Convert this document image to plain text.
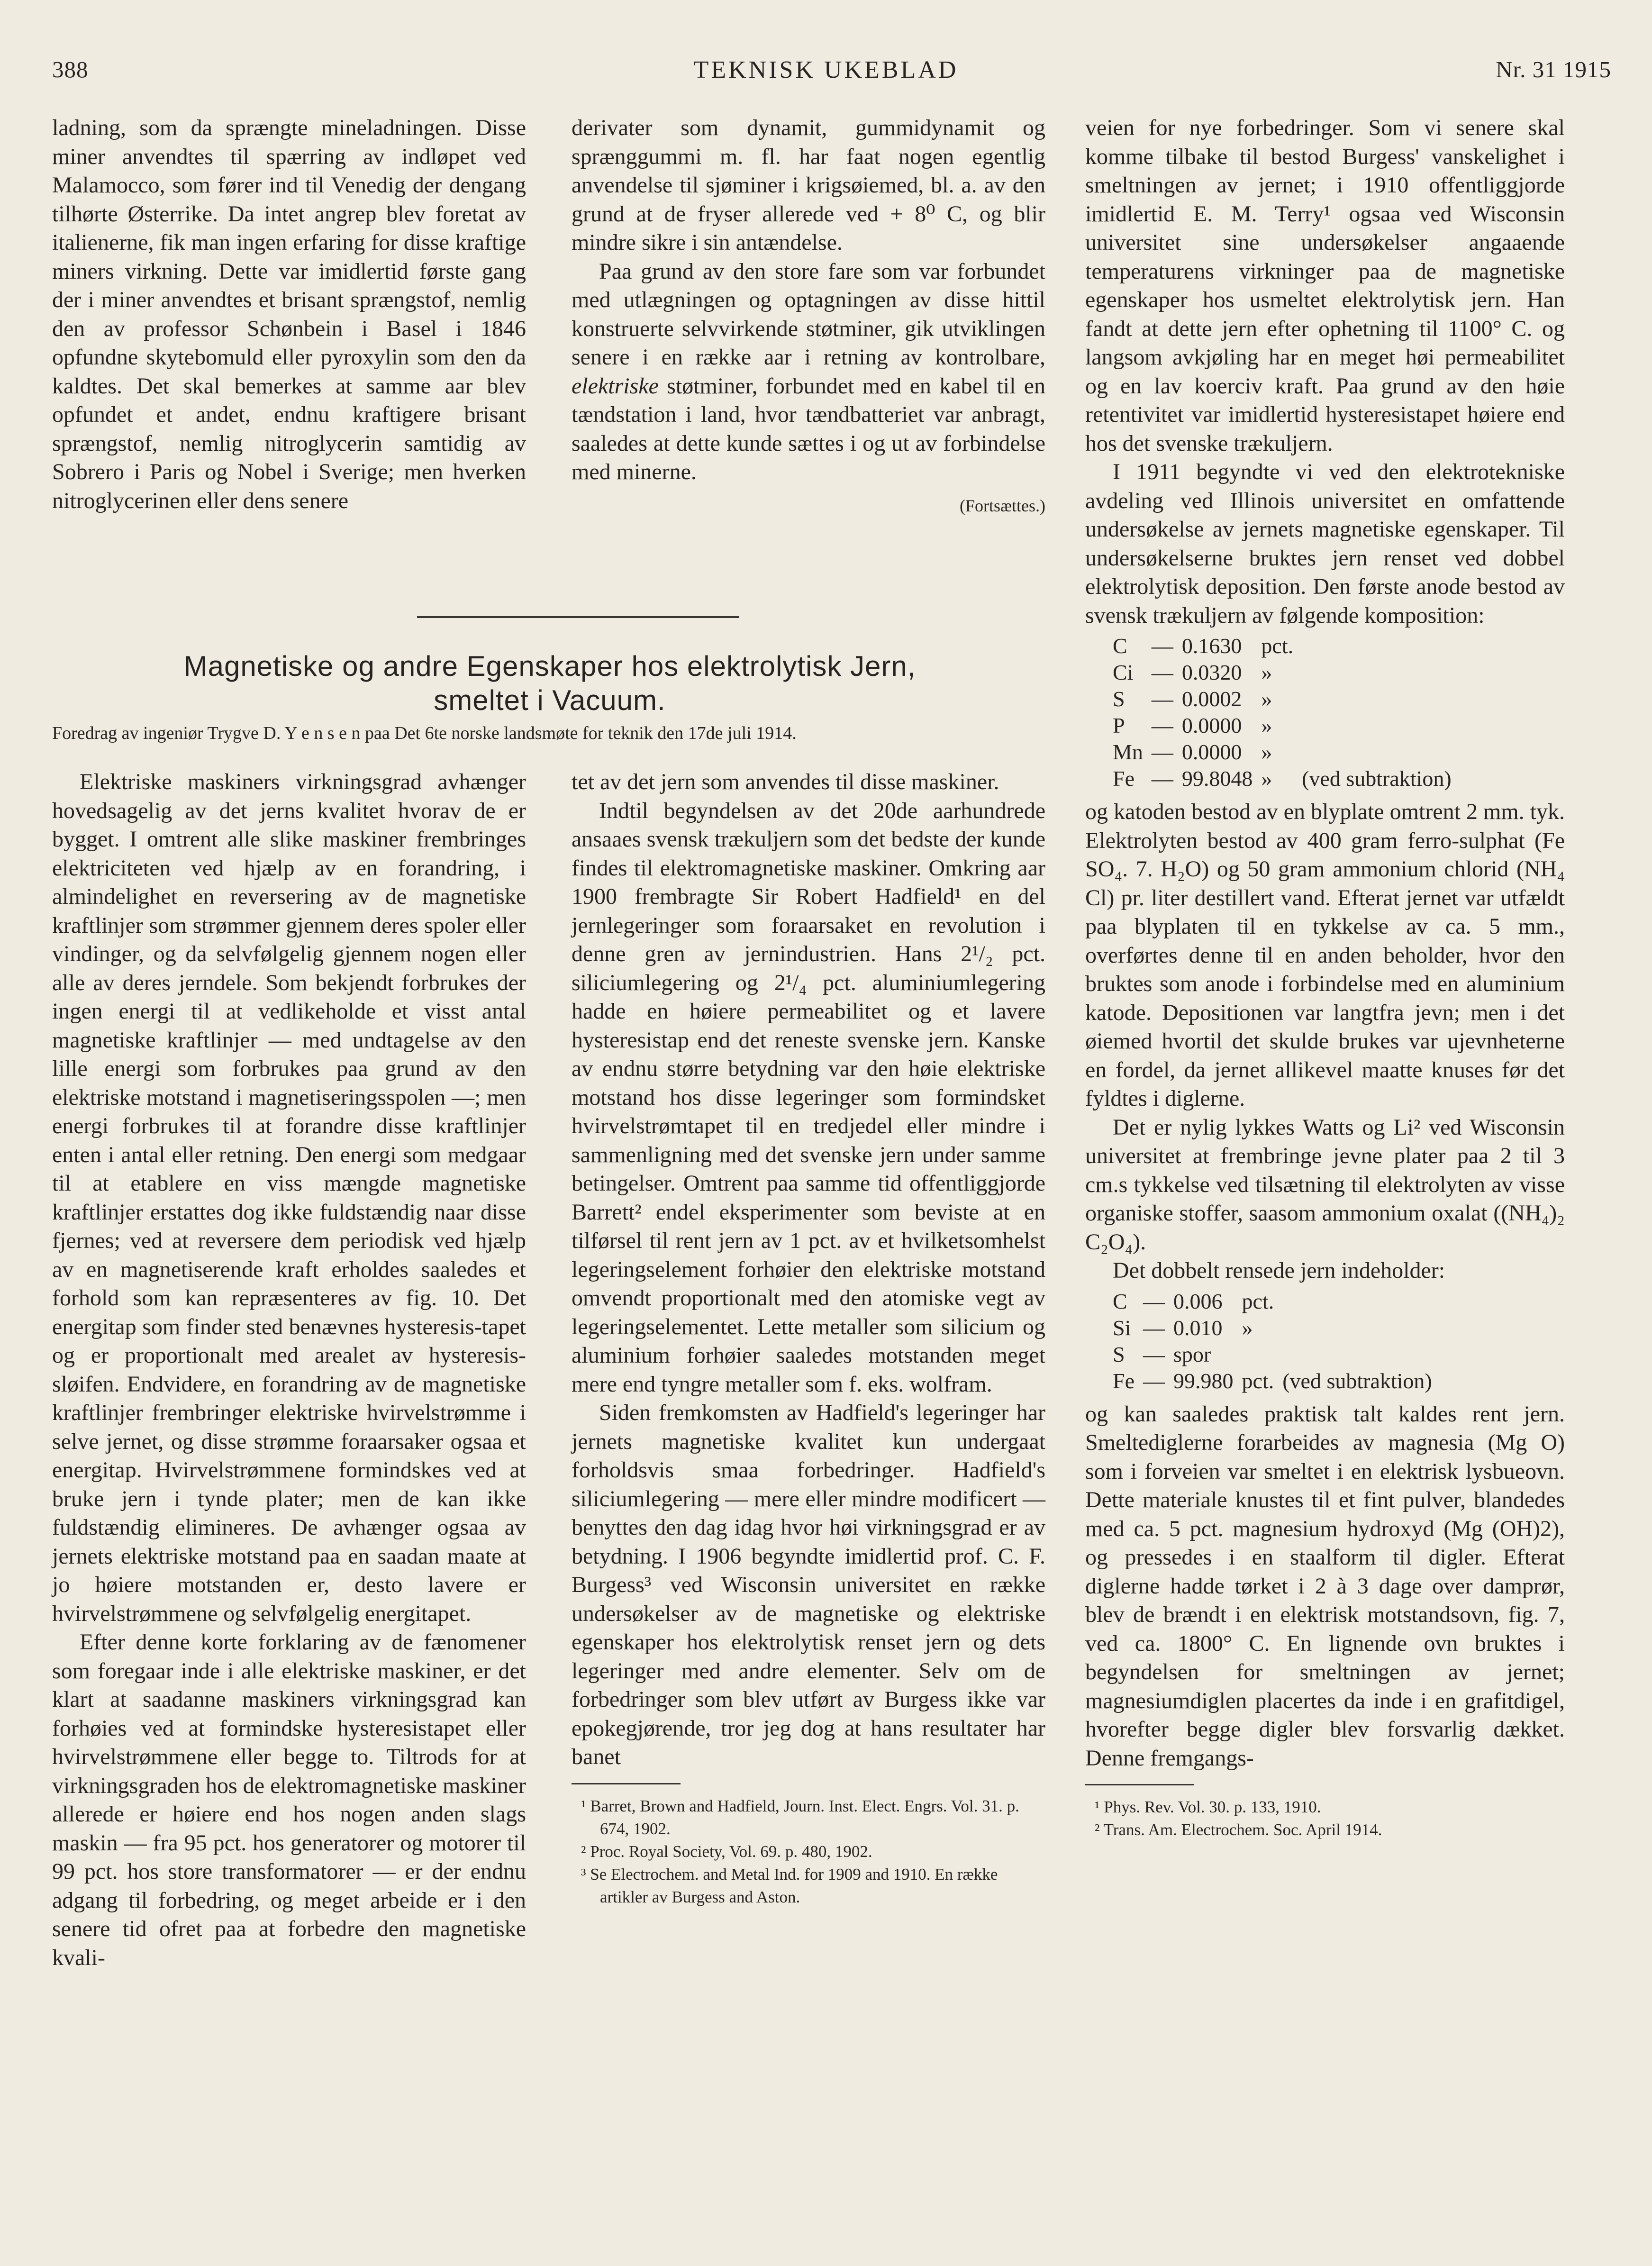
388	TEKNISK UKEBLAD	Nr. 31 1915

ladning, som da sprængte mineladningen. Disse miner anvendtes til spærring av indløpet ved Malamocco, som fører ind til Venedig der dengang tilhørte Østerrike. Da intet angrep blev foretat av italienerne, fik man ingen erfaring for disse kraftige miners virkning. Dette var imidlertid første gang der i miner anvendtes et brisant sprængstof, nemlig den av professor Schønbein i Basel i 1846 opfundne skytebomuld eller pyroxylin som den da kaldtes. Det skal bemerkes at samme aar blev opfundet et andet, endnu kraftigere brisant sprængstof, nemlig nitroglycerin samtidig av Sobrero i Paris og Nobel i Sverige; men hverken nitroglycerinen eller dens senere

derivater som dynamit, gummidynamit og sprænggummi m. fl. har faat nogen egentlig anvendelse til sjøminer i krigsøiemed, bl. a. av den grund at de fryser allerede ved + 8⁰ C, og blir mindre sikre i sin antændelse.

Paa grund av den store fare som var forbundet med utlægningen og optagningen av disse hittil konstruerte selvvirkende støtminer, gik utviklingen senere i en række aar i retning av kontrolbare, elektriske støtminer, forbundet med en kabel til en tændstation i land, hvor tændbatteriet var anbragt, saaledes at dette kunde sættes i og ut av forbindelse med minerne.

(Fortsættes.)
Magnetiske og andre Egenskaper hos elektrolytisk Jern,
smeltet i Vacuum.
Foredrag av ingeniør Trygve D. Y e n s e n paa Det 6te norske landsmøte for teknik den 17de juli 1914.

Elektriske maskiners virkningsgrad avhænger hovedsagelig av det jerns kvalitet hvorav de er bygget. I omtrent alle slike maskiner frembringes elektriciteten ved hjælp av en forandring, i almindelighet en reversering av de magnetiske kraftlinjer som strømmer gjennem deres spoler eller vindinger, og da selvfølgelig gjennem nogen eller alle av deres jerndele. Som bekjendt forbrukes der ingen energi til at vedlikeholde et visst antal magnetiske kraftlinjer — med undtagelse av den lille energi som forbrukes paa grund av den elektriske motstand i magnetiseringsspolen —; men energi forbrukes til at forandre disse kraftlinjer enten i antal eller retning. Den energi som medgaar til at etablere en viss mængde magnetiske kraftlinjer erstattes dog ikke fuldstændig naar disse fjernes; ved at reversere dem periodisk ved hjælp av en magnetiserende kraft erholdes saaledes et forhold som kan repræsenteres av fig. 10. Det energitap som finder sted benævnes hysteresis-tapet og er proportionalt med arealet av hysteresis-sløifen. Endvidere, en forandring av de magnetiske kraftlinjer frembringer elektriske hvirvelstrømme i selve jernet, og disse strømme foraarsaker ogsaa et energitap. Hvirvelstrømmene formindskes ved at bruke jern i tynde plater; men de kan ikke fuldstændig elimineres. De avhænger ogsaa av jernets elektriske motstand paa en saadan maate at jo høiere motstanden er, desto lavere er hvirvelstrømmene og selvfølgelig energitapet.

Efter denne korte forklaring av de fænomener som foregaar inde i alle elektriske maskiner, er det klart at saadanne maskiners virkningsgrad kan forhøies ved at formindske hysteresistapet eller hvirvelstrømmene eller begge to. Tiltrods for at virkningsgraden hos de elektromagnetiske maskiner allerede er høiere end hos nogen anden slags maskin — fra 95 pct. hos generatorer og motorer til 99 pct. hos store transformatorer — er der endnu adgang til forbedring, og meget arbeide er i den senere tid ofret paa at forbedre den magnetiske kvali-

tet av det jern som anvendes til disse maskiner.

Indtil begyndelsen av det 20de aarhundrede ansaaes svensk trækuljern som det bedste der kunde findes til elektromagnetiske maskiner. Omkring aar 1900 frembragte Sir Robert Hadfield¹ en del jernlegeringer som foraarsaket en revolution i denne gren av jernindustrien. Hans 2¹/₂ pct. siliciumlegering og 2¹/₄ pct. aluminiumlegering hadde en høiere permeabilitet og et lavere hysteresistap end det reneste svenske jern. Kanske av endnu større betydning var den høie elektriske motstand hos disse legeringer som formindsket hvirvelstrømtapet til en tredjedel eller mindre i sammenligning med det svenske jern under samme betingelser. Omtrent paa samme tid offentliggjorde Barrett² endel eksperimenter som beviste at en tilførsel til rent jern av 1 pct. av et hvilketsomhelst legeringselement forhøier den elektriske motstand omvendt proportionalt med den atomiske vegt av legeringselementet. Lette metaller som silicium og aluminium forhøier saaledes motstanden meget mere end tyngre metaller som f. eks. wolfram.

Siden fremkomsten av Hadfield's legeringer har jernets magnetiske kvalitet kun undergaat forholdsvis smaa forbedringer. Hadfield's siliciumlegering — mere eller mindre modificert — benyttes den dag idag hvor høi virkningsgrad er av betydning. I 1906 begyndte imidlertid prof. C. F. Burgess³ ved Wisconsin universitet en række undersøkelser av de magnetiske og elektriske egenskaper hos elektrolytisk renset jern og dets legeringer med andre elementer. Selv om de forbedringer som blev utført av Burgess ikke var epokegjørende, tror jeg dog at hans resultater har banet

¹ Barret, Brown and Hadfield, Journ. Inst. Elect. Engrs. Vol. 31. p. 674, 1902.
² Proc. Royal Society, Vol. 69. p. 480, 1902.
³ Se Electrochem. and Metal Ind. for 1909 and 1910. En række artikler av Burgess and Aston.

veien for nye forbedringer. Som vi senere skal komme tilbake til bestod Burgess' vanskelighet i smeltningen av jernet; i 1910 offentliggjorde imidlertid E. M. Terry¹ ogsaa ved Wisconsin universitet sine undersøkelser angaaende temperaturens virkninger paa de magnetiske egenskaper hos usmeltet elektrolytisk jern. Han fandt at dette jern efter ophetning til 1100° C. og langsom avkjøling har en meget høi permeabilitet og en lav koerciv kraft. Paa grund av den høie retentivitet var imidlertid hysteresistapet høiere end hos det svenske trækuljern.

I 1911 begyndte vi ved den elektrotekniske avdeling ved Illinois universitet en omfattende undersøkelse av jernets magnetiske egenskaper. Til undersøkelserne bruktes jern renset ved dobbel elektrolytisk deposition. Den første anode bestod av svensk trækuljern av følgende komposition:

C	—	0.1630	pct.	
Ci	—	0.0320	»	
S	—	0.0002	»	
P	—	0.0000	»	
Mn	—	0.0000	»	
Fe	—	99.8048	»	(ved subtraktion)

og katoden bestod av en blyplate omtrent 2 mm. tyk. Elektrolyten bestod av 400 gram ferro-sulphat (Fe SO₄. 7. H₂O) og 50 gram ammonium chlorid (NH₄ Cl) pr. liter destillert vand. Efterat jernet var utfældt paa blyplaten til en tykkelse av ca. 5 mm., overførtes denne til en anden beholder, hvor den bruktes som anode i forbindelse med en aluminium katode. Depositionen var langtfra jevn; men i det øiemed hvortil det skulde brukes var ujevnheterne en fordel, da jernet allikevel maatte knuses før det fyldtes i diglerne.

Det er nylig lykkes Watts og Li² ved Wisconsin universitet at frembringe jevne plater paa 2 til 3 cm.s tykkelse ved tilsætning til elektrolyten av visse organiske stoffer, saasom ammonium oxalat ((NH₄)₂ C₂O₄).

Det dobbelt rensede jern indeholder:

C	—	0.006	pct.	
Si	—	0.010	»	
S	—	spor		
Fe	—	99.980	pct.	(ved subtraktion)

og kan saaledes praktisk talt kaldes rent jern. Smeltediglerne forarbeides av magnesia (Mg O) som i forveien var smeltet i en elektrisk lysbueovn. Dette materiale knustes til et fint pulver, blandedes med ca. 5 pct. magnesium hydroxyd (Mg (OH)2), og pressedes i en staalform til digler. Efterat diglerne hadde tørket i 2 à 3 dage over damprør, blev de brændt i en elektrisk motstandsovn, fig. 7, ved ca. 1800° C. En lignende ovn bruktes i begyndelsen for smeltningen av jernet; magnesiumdiglen placertes da inde i en grafitdigel, hvorefter begge digler blev forsvarlig dækket. Denne fremgangs-

¹ Phys. Rev. Vol. 30. p. 133, 1910.
² Trans. Am. Electrochem. Soc. April 1914.
